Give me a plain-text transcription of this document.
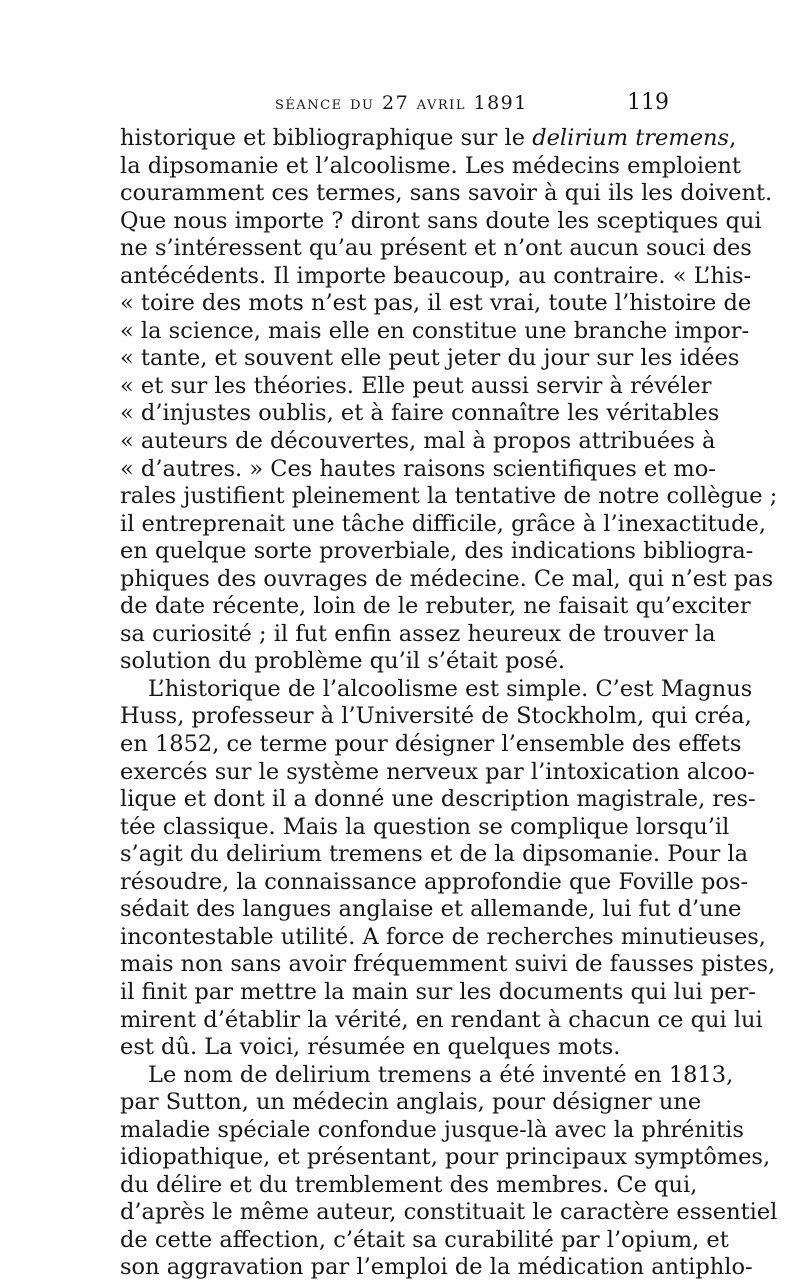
séance du 27 avril 1891	119
historique et bibliographique sur le delirium tremens,
la dipsomanie et l’alcoolisme. Les médecins emploient
couramment ces termes, sans savoir à qui ils les doivent.
Que nous importe ? diront sans doute les sceptiques qui
ne s’intéressent qu’au présent et n’ont aucun souci des
antécédents. Il importe beaucoup, au contraire. « L’his-
« toire des mots n’est pas, il est vrai, toute l’histoire de
« la science, mais elle en constitue une branche impor-
« tante, et souvent elle peut jeter du jour sur les idées
« et sur les théories. Elle peut aussi servir à révéler
« d’injustes oublis, et à faire connaître les véritables
« auteurs de découvertes, mal à propos attribuées à
« d’autres. » Ces hautes raisons scientifiques et mo-
rales justifient pleinement la tentative de notre collègue ;
il entreprenait une tâche difficile, grâce à l’inexactitude,
en quelque sorte proverbiale, des indications bibliogra-
phiques des ouvrages de médecine. Ce mal, qui n’est pas
de date récente, loin de le rebuter, ne faisait qu’exciter
sa curiosité ; il fut enfin assez heureux de trouver la
solution du problème qu’il s’était posé.
L’historique de l’alcoolisme est simple. C’est Magnus
Huss, professeur à l’Université de Stockholm, qui créa,
en 1852, ce terme pour désigner l’ensemble des effets
exercés sur le système nerveux par l’intoxication alcoo-
lique et dont il a donné une description magistrale, res-
tée classique. Mais la question se complique lorsqu’il
s’agit du delirium tremens et de la dipsomanie. Pour la
résoudre, la connaissance approfondie que Foville pos-
sédait des langues anglaise et allemande, lui fut d’une
incontestable utilité. A force de recherches minutieuses,
mais non sans avoir fréquemment suivi de fausses pistes,
il finit par mettre la main sur les documents qui lui per-
mirent d’établir la vérité, en rendant à chacun ce qui lui
est dû. La voici, résumée en quelques mots.
Le nom de delirium tremens a été inventé en 1813,
par Sutton, un médecin anglais, pour désigner une
maladie spéciale confondue jusque-là avec la phrénitis
idiopathique, et présentant, pour principaux symptômes,
du délire et du tremblement des membres. Ce qui,
d’après le même auteur, constituait le caractère essentiel
de cette affection, c’était sa curabilité par l’opium, et
son aggravation par l’emploi de la médication antiphlo-
